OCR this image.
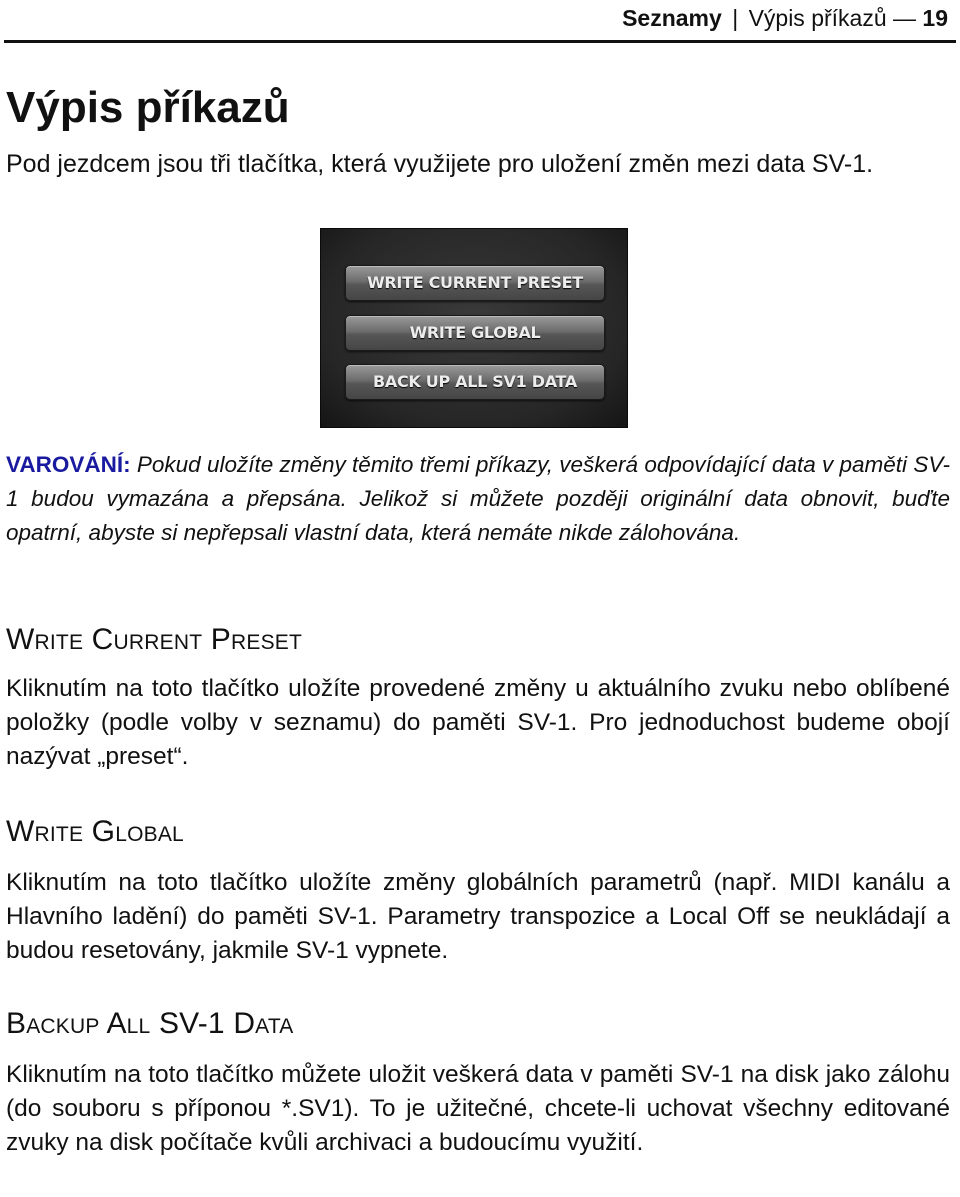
Seznamy | Výpis příkazů — 19
Výpis příkazů

Pod jezdcem jsou tři tlačítka, která využijete pro uložení změn mezi data SV-1.

WRITE CURRENT PRESET
WRITE GLOBAL
BACK UP ALL SV1 DATA

VAROVÁNÍ: Pokud uložíte změny těmito třemi příkazy, veškerá odpovídající data v paměti SV-1 budou vymazána a přepsána. Jelikož si můžete později originální data obnovit, buďte opatrní, abyste si nepřepsali vlastní data, která nemáte nikde zálohována.

Write Current Preset

Kliknutím na toto tlačítko uložíte provedené změny u aktuálního zvuku nebo oblíbené položky (podle volby v seznamu) do paměti SV-1. Pro jednoduchost budeme obojí nazývat „preset“.

Write Global

Kliknutím na toto tlačítko uložíte změny globálních parametrů (např. MIDI kanálu a Hlavního ladění) do paměti SV-1. Parametry transpozice a Local Off se neukládají a budou resetovány, jakmile SV-1 vypnete.

Backup All SV-1 Data

Kliknutím na toto tlačítko můžete uložit veškerá data v paměti SV-1 na disk jako zálohu (do souboru s příponou *.SV1). To je užitečné, chcete-li uchovat všechny editované zvuky na disk počítače kvůli archivaci a budoucímu využití.
